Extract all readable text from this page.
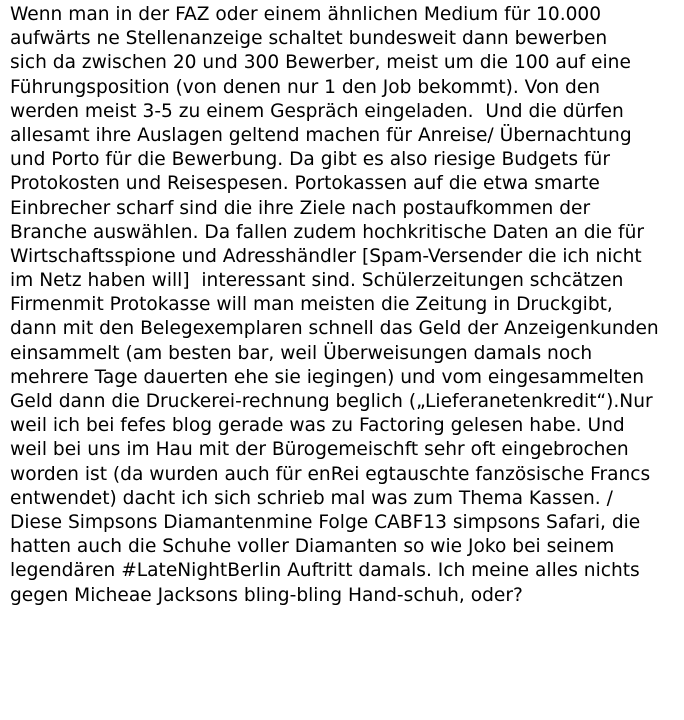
Wenn man in der FAZ oder einem ähnlichen Medium für 10.000
aufwärts ne Stellenanzeige schaltet bundesweit dann bewerben
sich da zwischen 20 und 300 Bewerber, meist um die 100 auf eine
Führungsposition (von denen nur 1 den Job bekommt). Von den
werden meist 3-5 zu einem Gespräch eingeladen.  Und die dürfen
allesamt ihre Auslagen geltend machen für Anreise/ Übernachtung
und Porto für die Bewerbung. Da gibt es also riesige Budgets für
Protokosten und Reisespesen. Portokassen auf die etwa smarte
Einbrecher scharf sind die ihre Ziele nach postaufkommen der
Branche auswählen. Da fallen zudem hochkritische Daten an die für
Wirtschaftsspione und Adresshändler [Spam-Versender die ich nicht
im Netz haben will]  interessant sind. Schülerzeitungen schcätzen
Firmenmit Protokasse will man meisten die Zeitung in Druckgibt,
dann mit den Belegexemplaren schnell das Geld der Anzeigenkunden
einsammelt (am besten bar, weil Überweisungen damals noch
mehrere Tage dauerten ehe sie iegingen) und vom eingesammelten
Geld dann die Druckerei-rechnung beglich („Lieferanetenkredit“).Nur
weil ich bei fefes blog gerade was zu Factoring gelesen habe. Und
weil bei uns im Hau mit der Bürogemeischft sehr oft eingebrochen
worden ist (da wurden auch für enRei egtauschte fanzösische Francs
entwendet) dacht ich sich schrieb mal was zum Thema Kassen. /
Diese Simpsons Diamantenmine Folge CABF13 simpsons Safari, die
hatten auch die Schuhe voller Diamanten so wie Joko bei seinem
legendären #LateNightBerlin Auftritt damals. Ich meine alles nichts
gegen Micheae Jacksons bling-bling Hand-schuh, oder?
